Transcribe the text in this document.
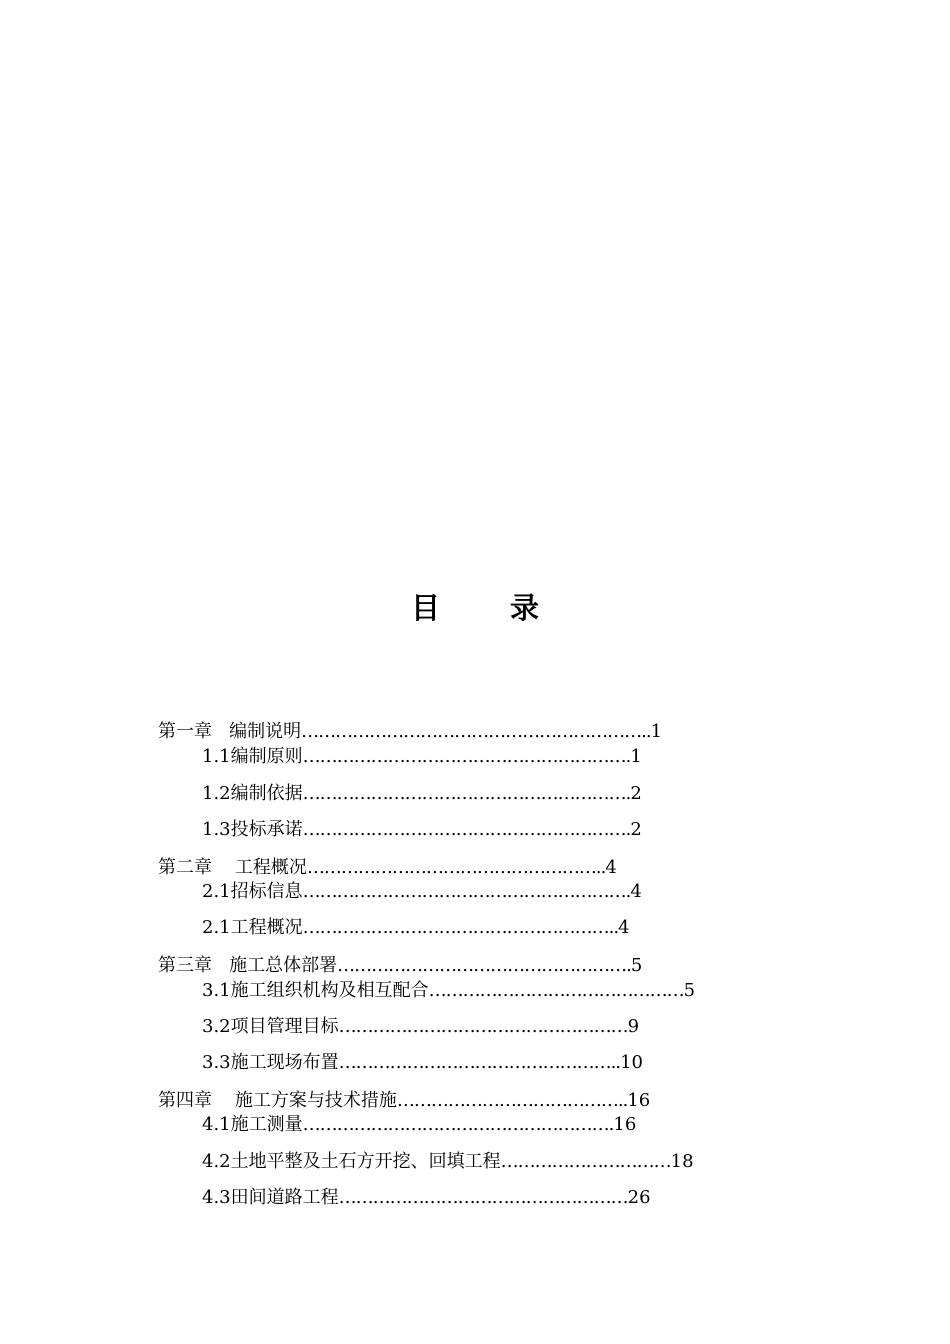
目 录
第一章   编制说明……………………………………………………..1
1.1编制原则………………………………………………….1
1.2编制依据………………………………………………….2
1.3投标承诺………………………………………………….2
第二章    工程概况……………………………………………..4
2.1招标信息………………………………………………….4
2.1工程概况………………………………………………..4
第三章   施工总体部署…………………………………………….5
3.1施工组织机构及相互配合………………………………………5
3.2项目管理目标……………………………………………9
3.3施工现场布置…………………………………………..10
第四章    施工方案与技术措施…………………………………..16
4.1施工测量……………………………………………….16
4.2土地平整及土石方开挖、回填工程…………………………18
4.3田间道路工程……………………………………………26
